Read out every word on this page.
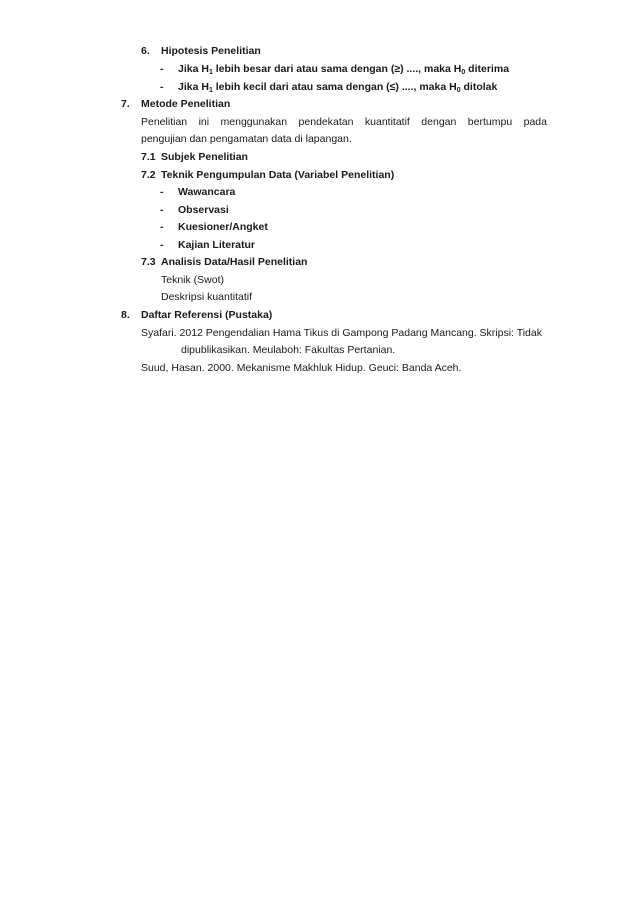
6. Hipotesis Penelitian
- Jika $H_1$ lebih besar dari atau sama dengan (≥) ...., maka $H_0$ diterima
- Jika $H_1$ lebih kecil dari atau sama dengan (≤) ...., maka $H_0$ ditolak
7. Metode Penelitian
Penelitian ini menggunakan pendekatan kuantitatif dengan bertumpu pada
pengujian dan pengamatan data di lapangan.
7.1 Subjek Penelitian
7.2 Teknik Pengumpulan Data (Variabel Penelitian)
- Wawancara
- Observasi
- Kuesioner/Angket
- Kajian Literatur
7.3 Analisis Data/Hasil Penelitian
Teknik (Swot)
Deskripsi kuantitatif
8. Daftar Referensi (Pustaka)
Syafari. 2012 Pengendalian Hama Tikus di Gampong Padang Mancang. Skripsi: Tidak
dipublikasikan. Meulaboh: Fakultas Pertanian.
Suud, Hasan. 2000. Mekanisme Makhluk Hidup. Geuci: Banda Aceh.
